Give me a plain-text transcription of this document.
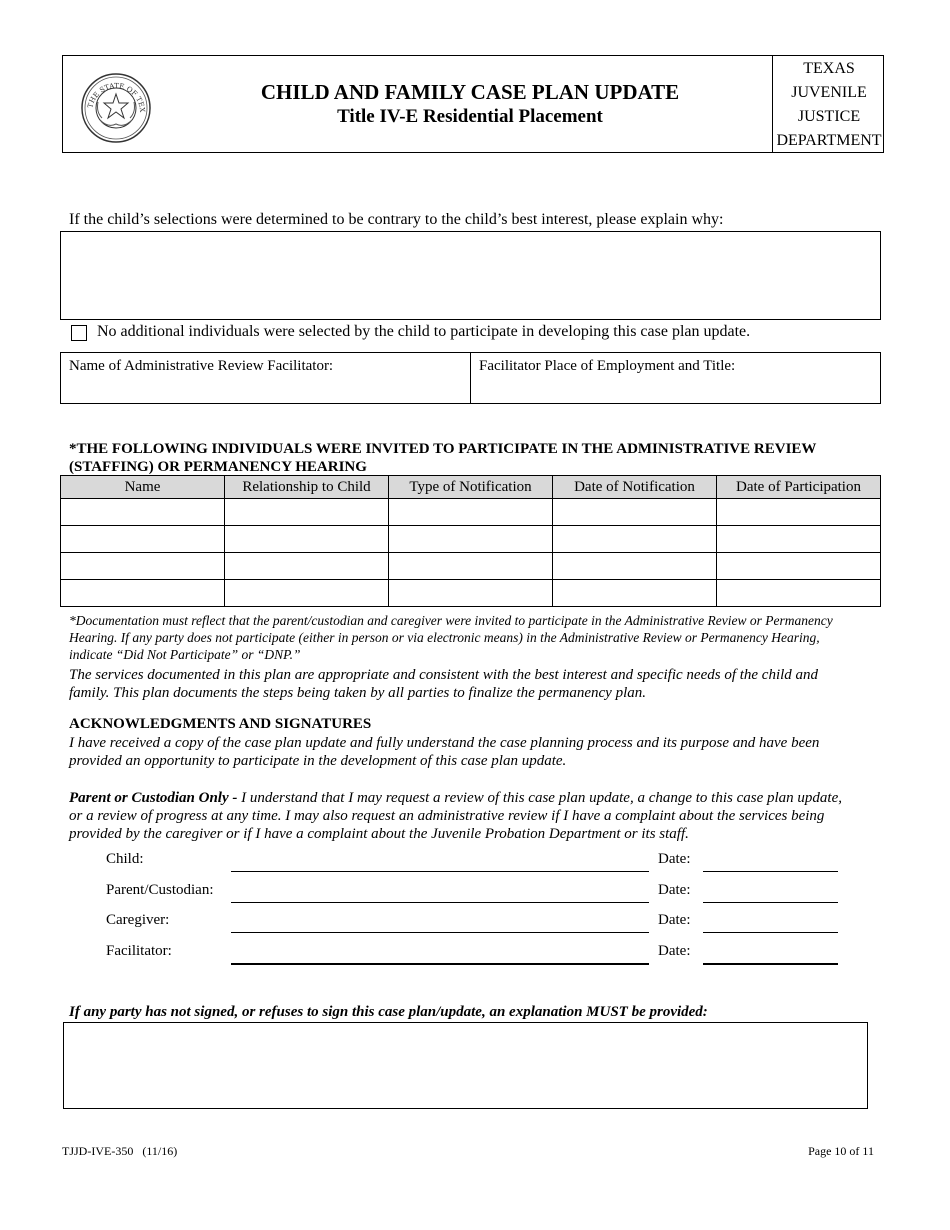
THE STATE OF TEX
CHILD AND FAMILY CASE PLAN UPDATE
Title IV-E Residential Placement
TEXAS
JUVENILE
JUSTICE
DEPARTMENT
If the child’s selections were determined to be contrary to the child’s best interest, please explain why:
No additional individuals were selected by the child to participate in developing this case plan update.
Name of Administrative Review Facilitator:	Facilitator Place of Employment and Title:
*THE FOLLOWING INDIVIDUALS WERE INVITED TO PARTICIPATE IN THE ADMINISTRATIVE REVIEW
(STAFFING) OR PERMANENCY HEARING
Name	Relationship to Child	Type of Notification	Date of Notification	Date of Participation

*Documentation must reflect that the parent/custodian and caregiver were invited to participate in the Administrative Review or Permanency
Hearing. If any party does not participate (either in person or via electronic means) in the Administrative Review or Permanency Hearing,
indicate “Did Not Participate” or “DNP.”
The services documented in this plan are appropriate and consistent with the best interest and specific needs of the child and
family. This plan documents the steps being taken by all parties to finalize the permanency plan.
ACKNOWLEDGMENTS AND SIGNATURES
I have received a copy of the case plan update and fully understand the case planning process and its purpose and have been
provided an opportunity to participate in the development of this case plan update.
Parent or Custodian Only - I understand that I may request a review of this case plan update, a change to this case plan update,
or a review of progress at any time. I may also request an administrative review if I have a complaint about the services being
provided by the caregiver or if I have a complaint about the Juvenile Probation Department or its staff.
Child:	Date:
Parent/Custodian:	Date:
Caregiver:	Date:
Facilitator:	Date:
If any party has not signed, or refuses to sign this case plan/update, an explanation MUST be provided:
TJJD-IVE-350   (11/16)	Page 10 of 11
